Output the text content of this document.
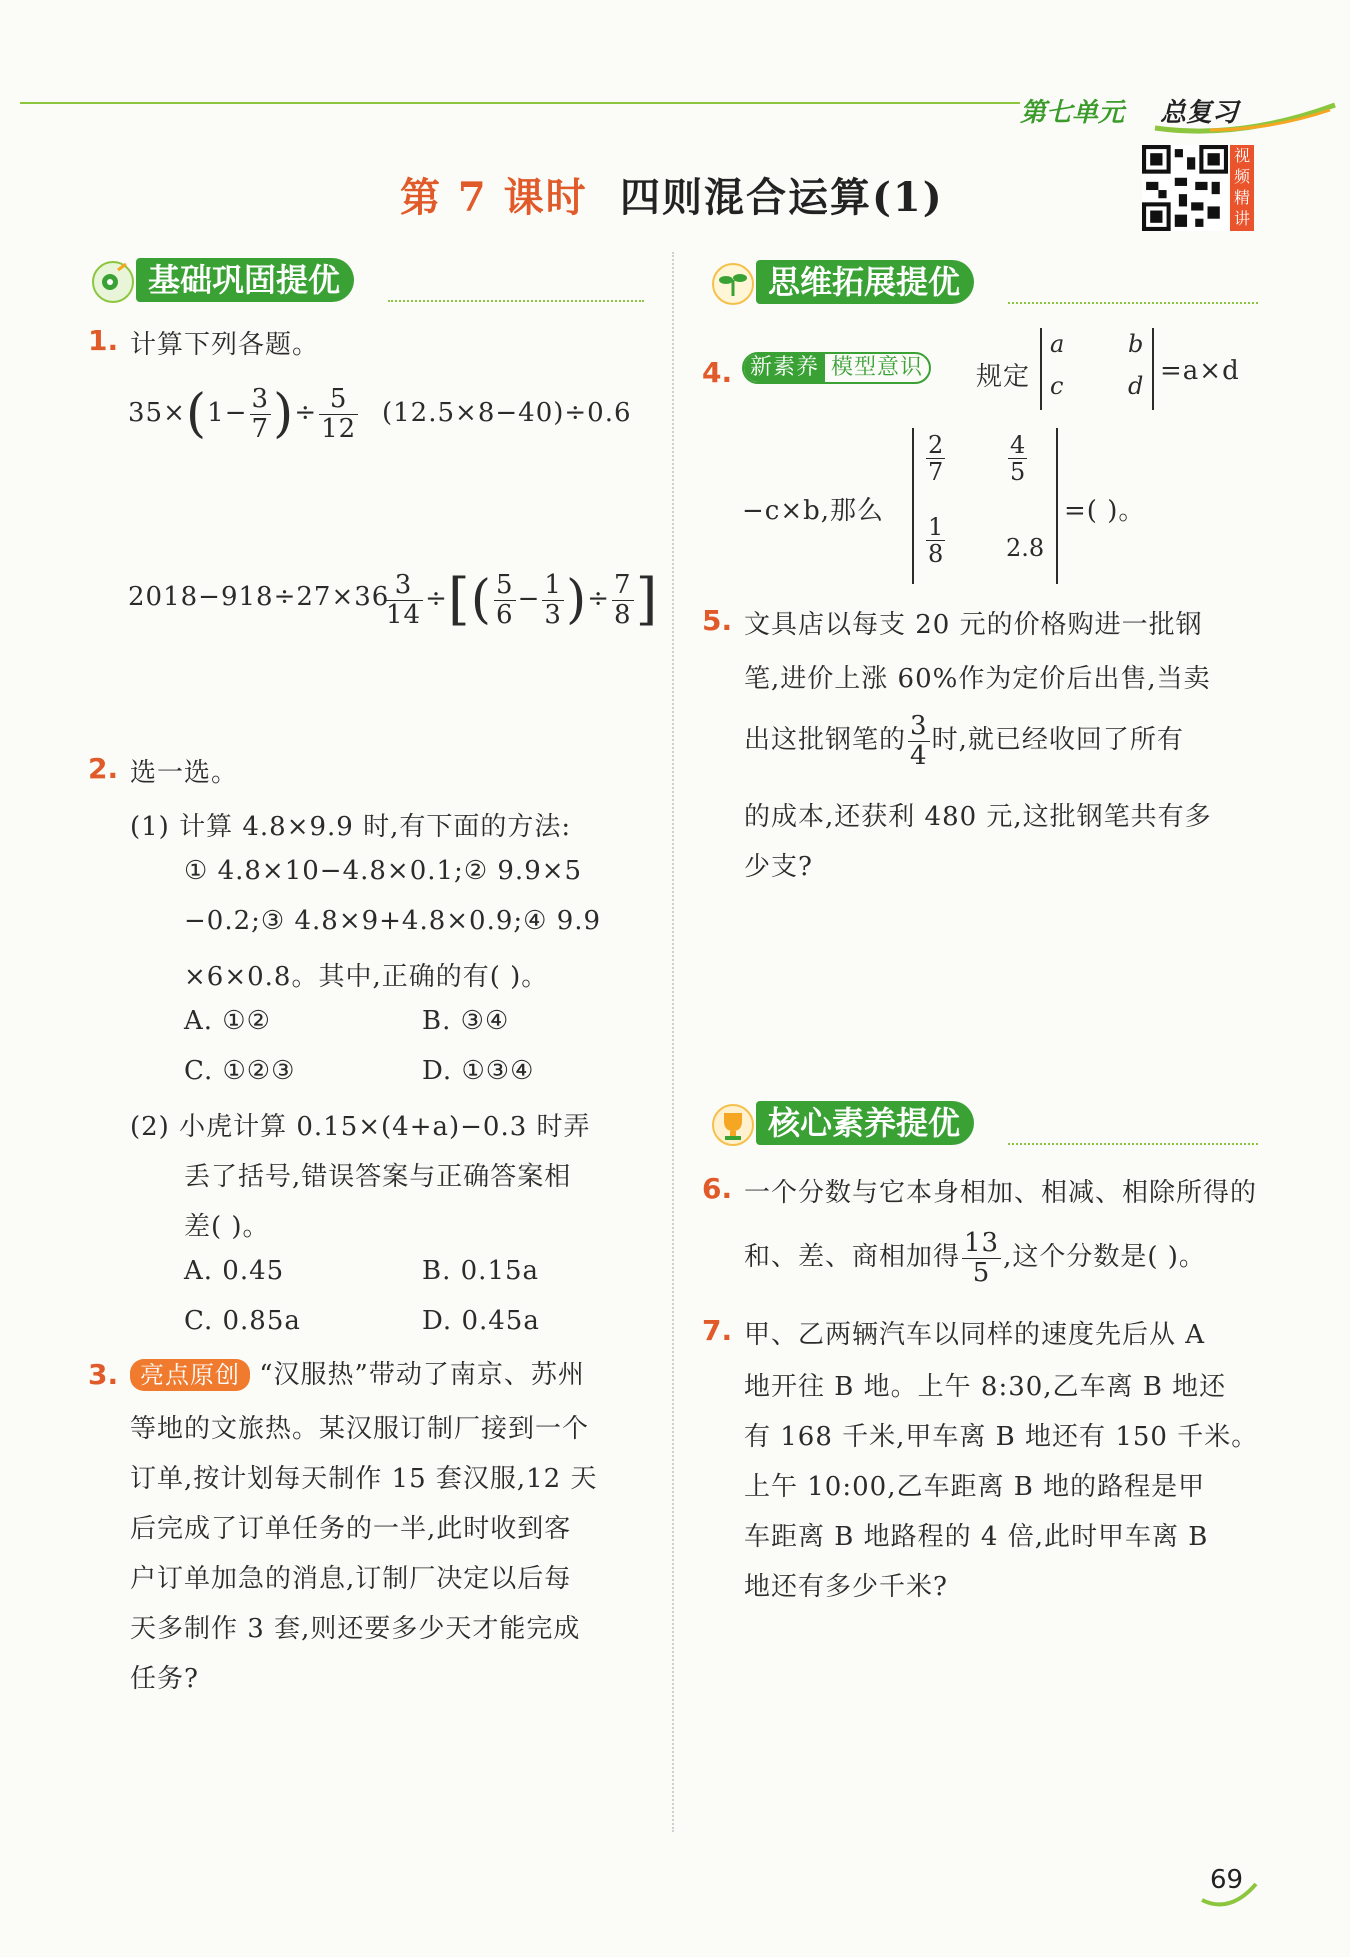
第七单元 总复习
第 7 课时 四则混合运算(1)
视频精讲
基础巩固提优	思维拓展提优
核心素养提优
1. 计算下列各题。
$35\times(1- \frac{3}{7}$ )÷ $\frac{5}{12} (12.5\times 8-40)\div 0.6$
2018−918÷27×36
$\frac{3}{14}$ ÷[( $\frac{5}{6} - \frac{1}{3}$ )÷ $\frac{7}{8}$ ]
2. 选一选。
(1) 计算 4.8×9.9 时,有下面的方法:
① 4.8×10−4.8×0.1;② 9.9×5
−0.2;③ 4.8×9+4.8×0.9;④ 9.9
×6×0.8。其中,正确的有( )。
A. ①②	B. ③④
C. ①②③	D. ①③④
(2) 小虎计算 0.15×(4+a)−0.3 时弄
丢了括号,错误答案与正确答案相
差( )。
A. 0.45	B. 0.15a
C. 0.85a	D. 0.45a
3. 亮点原创 “汉服热”带动了南京、苏州
等地的文旅热。某汉服订制厂接到一个
订单,按计划每天制作 15 套汉服,12 天
后完成了订单任务的一半,此时收到客
户订单加急的消息,订制厂决定以后每
天多制作 3 套,则还要多少天才能完成
任务?
4. 新素养 模型意识	规定
a	b
c	d =a×d
−c×b,那么
$\frac{2}{7}$	$\frac{4}{5}$
$\frac{1}{8}$	2.8
=( )。
5. 文具店以每支 20 元的价格购进一批钢
笔,进价上涨 60%作为定价后出售,当卖
出这批钢笔的 $\frac{3}{4}$ 时,就已经收回了所有
的成本,还获利 480 元,这批钢笔共有多
少支?
6. 一个分数与它本身相加、相减、相除所得的
和、差、商相加得 $\frac{13}{5}$ ,这个分数是( )。
7. 甲、乙两辆汽车以同样的速度先后从 A
地开往 B 地。上午 8:30,乙车离 B 地还
有 168 千米,甲车离 B 地还有 150 千米。
上午 10:00,乙车距离 B 地的路程是甲
车距离 B 地路程的 4 倍,此时甲车离 B
地还有多少千米?
69
